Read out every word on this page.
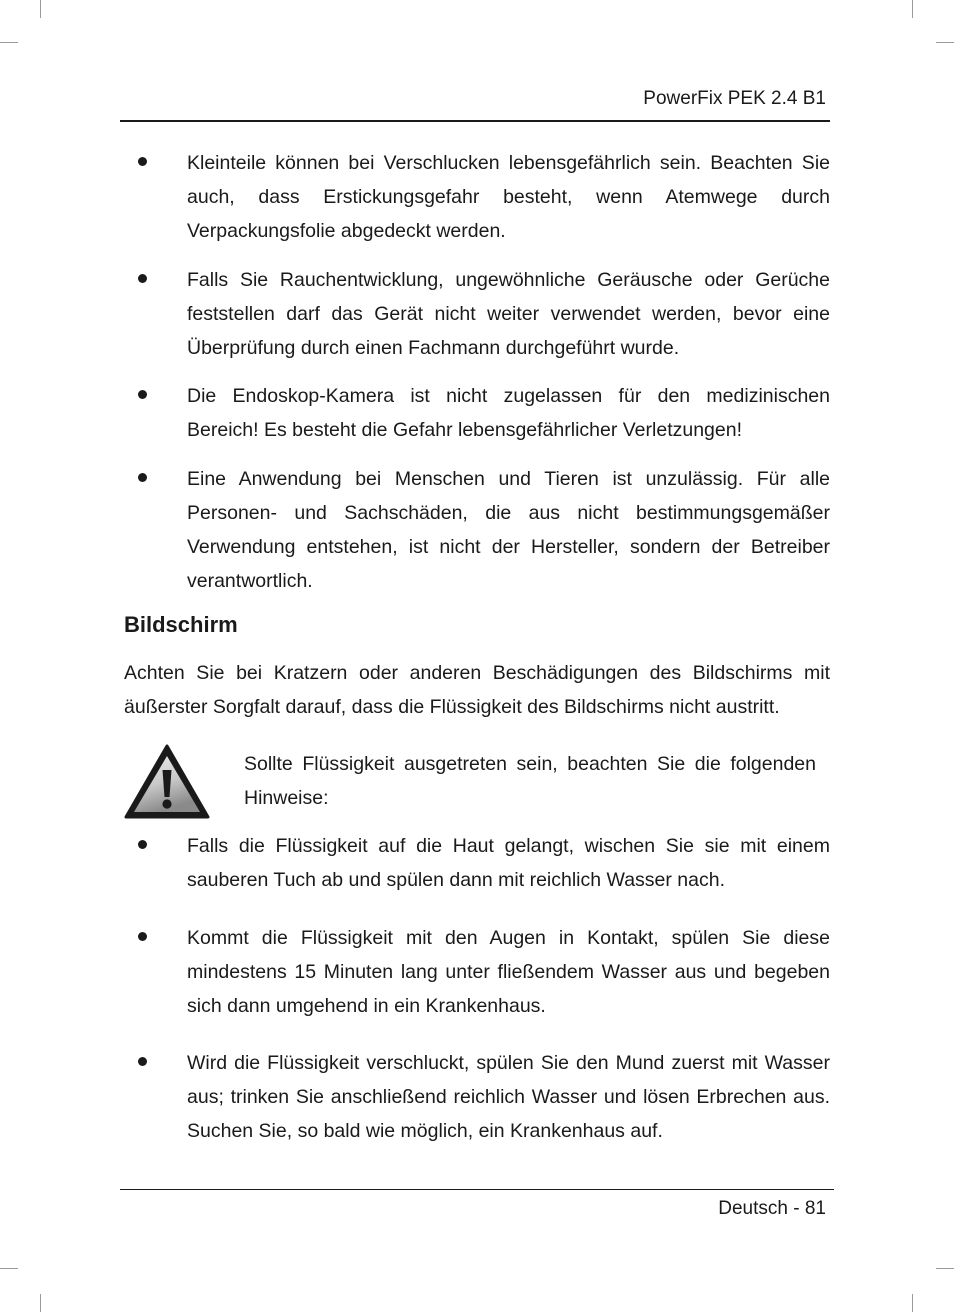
PowerFix PEK 2.4 B1

Kleinteile können bei Verschlucken lebensgefährlich sein. Beachten Sie auch, dass Erstickungsgefahr besteht, wenn Atemwege durch Verpackungsfolie abgedeckt werden.

Falls Sie Rauchentwicklung, ungewöhnliche Geräusche oder Gerüche feststellen darf das Gerät nicht weiter verwendet werden, bevor eine Überprüfung durch einen Fachmann durchgeführt wurde.

Die Endoskop-Kamera ist nicht zugelassen für den medizinischen Bereich! Es besteht die Gefahr lebensgefährlicher Verletzungen!

Eine Anwendung bei Menschen und Tieren ist unzulässig. Für alle Personen- und Sachschäden, die aus nicht bestimmungsgemäßer Verwendung entstehen, ist nicht der Hersteller, sondern der Betreiber verantwortlich.

Bildschirm

Achten Sie bei Kratzern oder anderen Beschädigungen des Bildschirms mit äußerster Sorgfalt darauf, dass die Flüssigkeit des Bildschirms nicht austritt.

Sollte Flüssigkeit ausgetreten sein, beachten Sie die folgenden Hinweise:

Falls die Flüssigkeit auf die Haut gelangt, wischen Sie sie mit einem sauberen Tuch ab und spülen dann mit reichlich Wasser nach.

Kommt die Flüssigkeit mit den Augen in Kontakt, spülen Sie diese mindestens 15 Minuten lang unter fließendem Wasser aus und begeben sich dann umgehend in ein Krankenhaus.

Wird die Flüssigkeit verschluckt, spülen Sie den Mund zuerst mit Wasser aus; trinken Sie anschließend reichlich Wasser und lösen Erbrechen aus. Suchen Sie, so bald wie möglich, ein Krankenhaus auf.

Deutsch - 81
